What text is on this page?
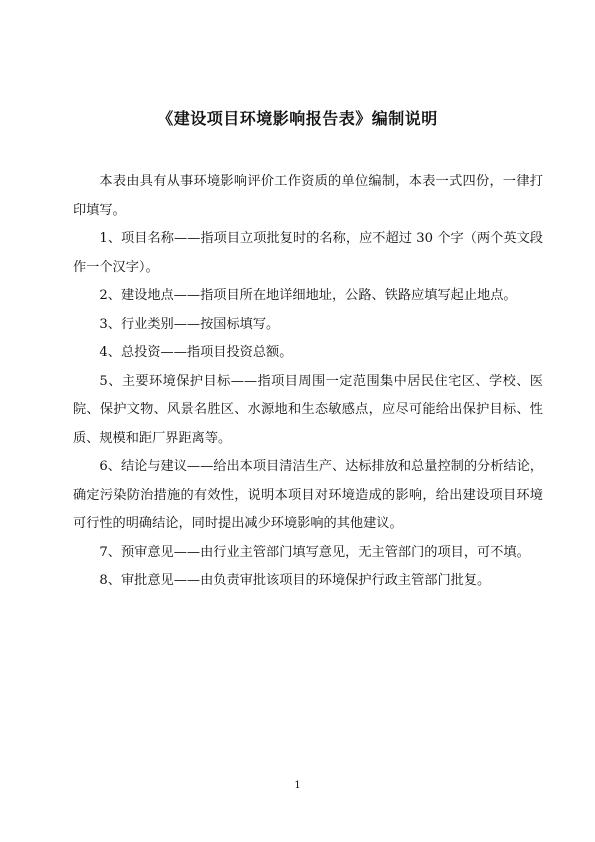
《建设项目环境影响报告表》编制说明

本表由具有从事环境影响评价工作资质的单位编制，本表一式四份，一律打印填写。

1、项目名称——指项目立项批复时的名称，应不超过 30 个字（两个英文段作一个汉字）。

2、建设地点——指项目所在地详细地址，公路、铁路应填写起止地点。

3、行业类别——按国标填写。

4、总投资——指项目投资总额。

5、主要环境保护目标——指项目周围一定范围集中居民住宅区、学校、医院、保护文物、风景名胜区、水源地和生态敏感点，应尽可能给出保护目标、性质、规模和距厂界距离等。

6、结论与建议——给出本项目清洁生产、达标排放和总量控制的分析结论，确定污染防治措施的有效性，说明本项目对环境造成的影响，给出建设项目环境可行性的明确结论，同时提出减少环境影响的其他建议。

7、预审意见——由行业主管部门填写意见，无主管部门的项目，可不填。

8、审批意见——由负责审批该项目的环境保护行政主管部门批复。

1
